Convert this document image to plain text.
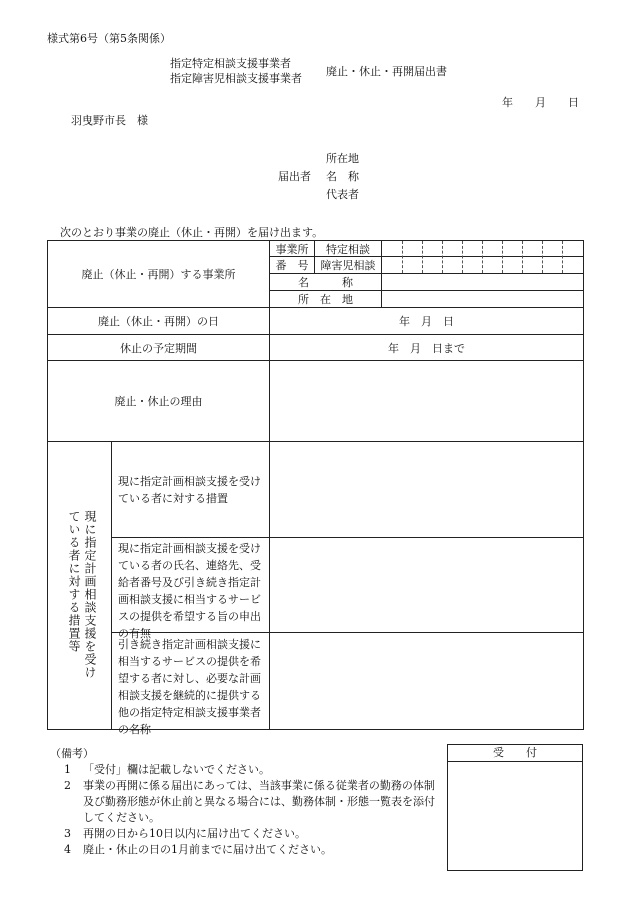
様式第6号（第5条関係）
指定特定相談支援事業者
指定障害児相談支援事業者
廃止・休止・再開届出書
年　　月　　日
羽曳野市長　様
所在地
届出者 名　称
代表者
次のとおり事業の廃止（休止・再開）を届け出ます。
廃止（休止・再開）する事業所
事業所
番　号
特定相談
障害児相談
名　　　称
所　在　地
廃止（休止・再開）の日	年　月　日
休止の予定期間	年　月　日まで
廃止・休止の理由
現に指定計画相談支援を受けている者に対する措置等
現に指定計画相談支援を受けている者に対する措置
現に指定計画相談支援を受けている者の氏名、連絡先、受給者番号及び引き続き指定計画相談支援に相当するサービスの提供を希望する旨の申出の有無
引き続き指定計画相談支援に相当するサービスの提供を希望する者に対し、必要な計画相談支援を継続的に提供する他の指定特定相談支援事業者の名称
（備考）
1 「受付」欄は記載しないでください。
2 事業の再開に係る届出にあっては、当該事業に係る従業者の勤務の体制及び勤務形態が休止前と異なる場合には、勤務体制・形態一覧表を添付してください。
3 再開の日から10日以内に届け出てください。
4 廃止・休止の日の1月前までに届け出てください。
受　　付
